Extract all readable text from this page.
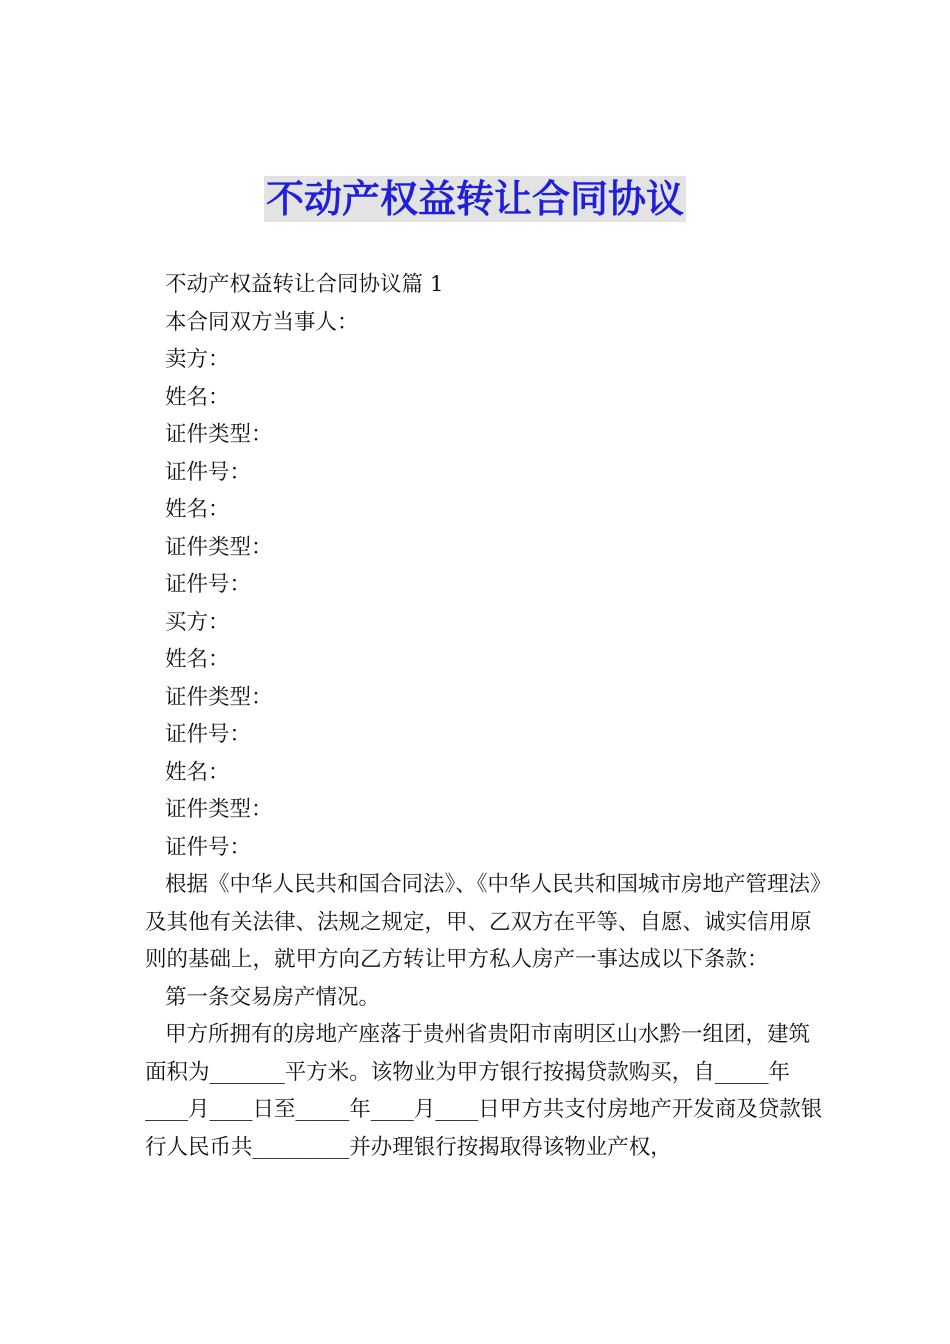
不动产权益转让合同协议
不动产权益转让合同协议篇 1
本合同双方当事人：
卖方：
姓名：
证件类型：
证件号：
姓名：
证件类型：
证件号：
买方：
姓名：
证件类型：
证件号：
姓名：
证件类型：
证件号：

根据《中华人民共和国合同法》、《中华人民共和国城市房地产管理法》及其他有关法律、法规之规定，甲、乙双方在平等、自愿、诚实信用原则的基础上，就甲方向乙方转让甲方私人房产一事达成以下条款：

第一条交易房产情况。

甲方所拥有的房地产座落于贵州省贵阳市南明区山水黔一组团，建筑面积为_______平方米。该物业为甲方银行按揭贷款购买，自_____年____月____日至_____年____月____日甲方共支付房地产开发商及贷款银行人民币共_________并办理银行按揭取得该物业产权，
